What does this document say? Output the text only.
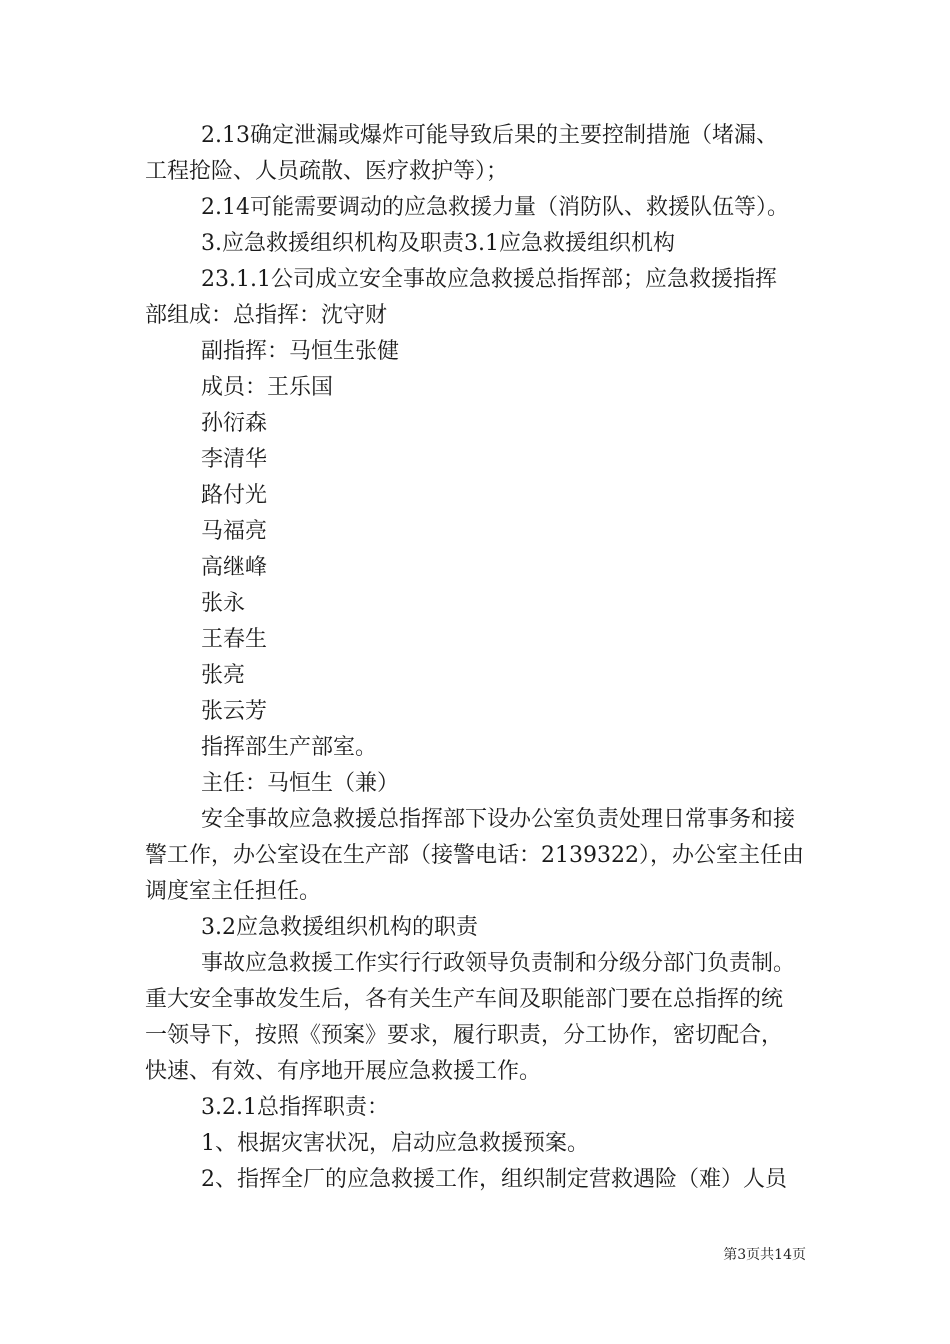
2.13确定泄漏或爆炸可能导致后果的主要控制措施（堵漏、
工程抢险、人员疏散、医疗救护等）；
2.14可能需要调动的应急救援力量（消防队、救援队伍等）。
3.应急救援组织机构及职责3.1应急救援组织机构
23.1.1公司成立安全事故应急救援总指挥部；应急救援指挥
部组成：总指挥：沈守财
副指挥：马恒生张健
成员：王乐国
孙衍森
李清华
路付光
马福亮
高继峰
张永
王春生
张亮
张云芳
指挥部生产部室。
主任：马恒生（兼）
安全事故应急救援总指挥部下设办公室负责处理日常事务和接
警工作，办公室设在生产部（接警电话：2139322），办公室主任由
调度室主任担任。
3.2应急救援组织机构的职责
事故应急救援工作实行行政领导负责制和分级分部门负责制。
重大安全事故发生后，各有关生产车间及职能部门要在总指挥的统
一领导下，按照《预案》要求，履行职责，分工协作，密切配合，
快速、有效、有序地开展应急救援工作。
3.2.1总指挥职责：
1、根据灾害状况，启动应急救援预案。
2、指挥全厂的应急救援工作，组织制定营救遇险（难）人员
第3页共14页
